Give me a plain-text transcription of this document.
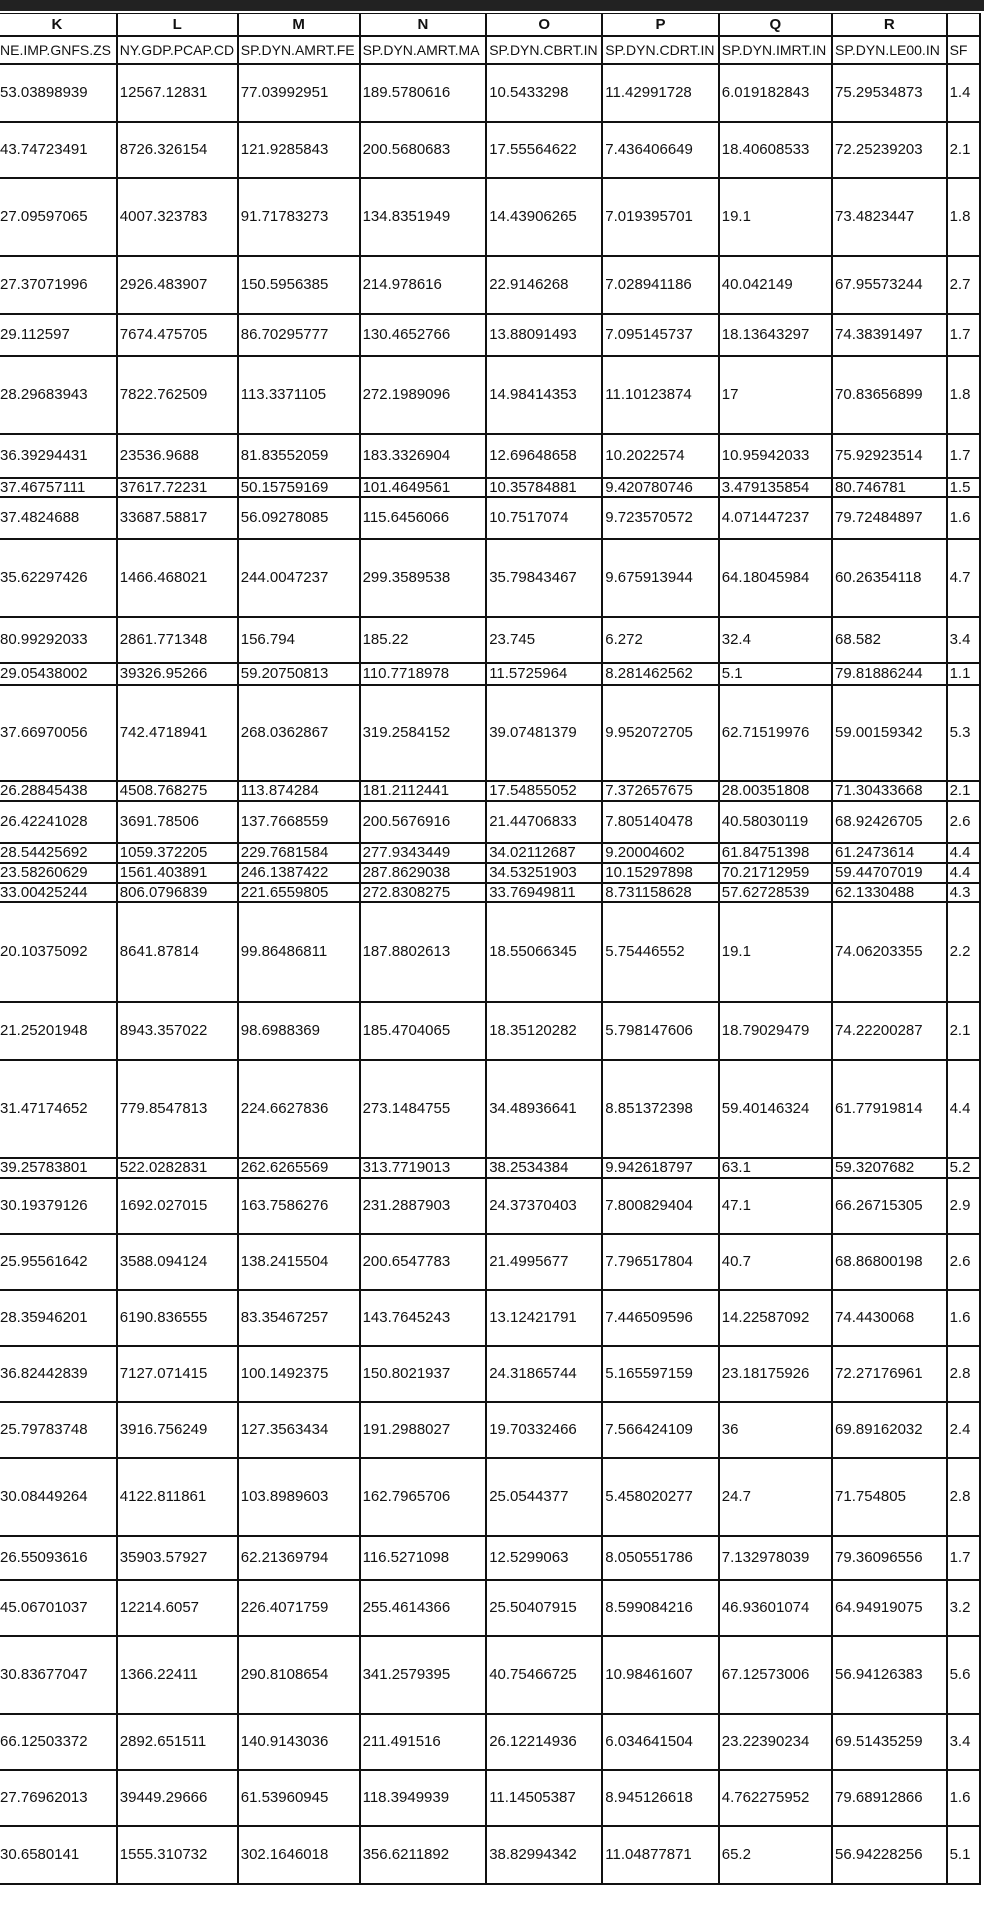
K	L	M	N	O	P	Q	R	
NE.IMP.GNFS.ZS	NY.GDP.PCAP.CD	SP.DYN.AMRT.FE	SP.DYN.AMRT.MA	SP.DYN.CBRT.IN	SP.DYN.CDRT.IN	SP.DYN.IMRT.IN	SP.DYN.LE00.IN	SF
53.03898939	12567.12831	77.03992951	189.5780616	10.5433298	11.42991728	6.019182843	75.29534873	1.4
43.74723491	8726.326154	121.9285843	200.5680683	17.55564622	7.436406649	18.40608533	72.25239203	2.1
27.09597065	4007.323783	91.71783273	134.8351949	14.43906265	7.019395701	19.1	73.4823447	1.8
27.37071996	2926.483907	150.5956385	214.978616	22.9146268	7.028941186	40.042149	67.95573244	2.7
29.112597	7674.475705	86.70295777	130.4652766	13.88091493	7.095145737	18.13643297	74.38391497	1.7
28.29683943	7822.762509	113.3371105	272.1989096	14.98414353	11.10123874	17	70.83656899	1.8
36.39294431	23536.9688	81.83552059	183.3326904	12.69648658	10.2022574	10.95942033	75.92923514	1.7
37.46757111	37617.72231	50.15759169	101.4649561	10.35784881	9.420780746	3.479135854	80.746781	1.5
37.4824688	33687.58817	56.09278085	115.6456066	10.7517074	9.723570572	4.071447237	79.72484897	1.6
35.62297426	1466.468021	244.0047237	299.3589538	35.79843467	9.675913944	64.18045984	60.26354118	4.7
80.99292033	2861.771348	156.794	185.22	23.745	6.272	32.4	68.582	3.4
29.05438002	39326.95266	59.20750813	110.7718978	11.5725964	8.281462562	5.1	79.81886244	1.1
37.66970056	742.4718941	268.0362867	319.2584152	39.07481379	9.952072705	62.71519976	59.00159342	5.3
26.28845438	4508.768275	113.874284	181.2112441	17.54855052	7.372657675	28.00351808	71.30433668	2.1
26.42241028	3691.78506	137.7668559	200.5676916	21.44706833	7.805140478	40.58030119	68.92426705	2.6
28.54425692	1059.372205	229.7681584	277.9343449	34.02112687	9.20004602	61.84751398	61.2473614	4.4
23.58260629	1561.403891	246.1387422	287.8629038	34.53251903	10.15297898	70.21712959	59.44707019	4.4
33.00425244	806.0796839	221.6559805	272.8308275	33.76949811	8.731158628	57.62728539	62.1330488	4.3
20.10375092	8641.87814	99.86486811	187.8802613	18.55066345	5.75446552	19.1	74.06203355	2.2
21.25201948	8943.357022	98.6988369	185.4704065	18.35120282	5.798147606	18.79029479	74.22200287	2.1
31.47174652	779.8547813	224.6627836	273.1484755	34.48936641	8.851372398	59.40146324	61.77919814	4.4
39.25783801	522.0282831	262.6265569	313.7719013	38.2534384	9.942618797	63.1	59.3207682	5.2
30.19379126	1692.027015	163.7586276	231.2887903	24.37370403	7.800829404	47.1	66.26715305	2.9
25.95561642	3588.094124	138.2415504	200.6547783	21.4995677	7.796517804	40.7	68.86800198	2.6
28.35946201	6190.836555	83.35467257	143.7645243	13.12421791	7.446509596	14.22587092	74.4430068	1.6
36.82442839	7127.071415	100.1492375	150.8021937	24.31865744	5.165597159	23.18175926	72.27176961	2.8
25.79783748	3916.756249	127.3563434	191.2988027	19.70332466	7.566424109	36	69.89162032	2.4
30.08449264	4122.811861	103.8989603	162.7965706	25.0544377	5.458020277	24.7	71.754805	2.8
26.55093616	35903.57927	62.21369794	116.5271098	12.5299063	8.050551786	7.132978039	79.36096556	1.7
45.06701037	12214.6057	226.4071759	255.4614366	25.50407915	8.599084216	46.93601074	64.94919075	3.2
30.83677047	1366.22411	290.8108654	341.2579395	40.75466725	10.98461607	67.12573006	56.94126383	5.6
66.12503372	2892.651511	140.9143036	211.491516	26.12214936	6.034641504	23.22390234	69.51435259	3.4
27.76962013	39449.29666	61.53960945	118.3949939	11.14505387	8.945126618	4.762275952	79.68912866	1.6
30.6580141	1555.310732	302.1646018	356.6211892	38.82994342	11.04877871	65.2	56.94228256	5.1
